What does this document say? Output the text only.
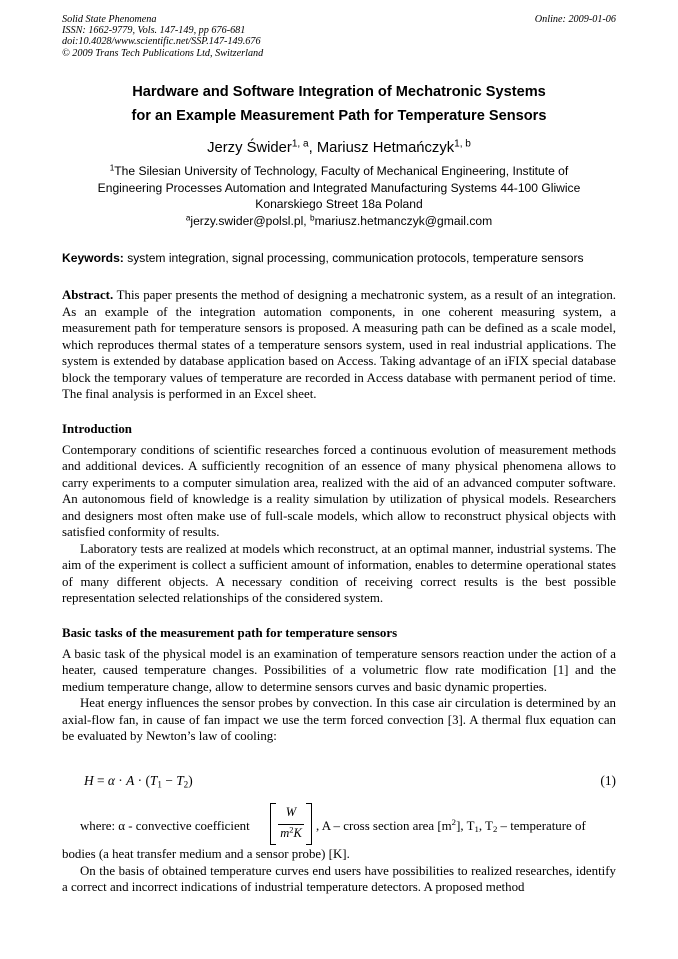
Solid State Phenomena
ISSN: 1662-9779, Vols. 147-149, pp 676-681
doi:10.4028/www.scientific.net/SSP.147-149.676
© 2009 Trans Tech Publications Ltd, Switzerland
Online: 2009-01-06
Hardware and Software Integration of Mechatronic Systems
for an Example Measurement Path for Temperature Sensors
Jerzy Świder$^{1, a}$, Mariusz Hetmańczyk$^{1, b}$
$^1$The Silesian University of Technology, Faculty of Mechanical Engineering, Institute of
Engineering Processes Automation and Integrated Manufacturing Systems 44-100 Gliwice
Konarskiego Street 18a Poland
$^a$jerzy.swider@polsl.pl, $^b$mariusz.hetmanczyk@gmail.com
Keywords: system integration, signal processing, communication protocols, temperature sensors

Abstract. This paper presents the method of designing a mechatronic system, as a result of an integration. As an example of the integration automation components, in one coherent measuring system, a measurement path for temperature sensors is proposed. A measuring path can be defined as a scale model, which reproduces thermal states of a temperature sensors system, used in real industrial applications. The system is extended by database application based on Access. Taking advantage of an iFIX special database block the temporary values of temperature are recorded in Access database with permanent period of time. The final analysis is performed in an Excel sheet.

Introduction

Contemporary conditions of scientific researches forced a continuous evolution of measurement methods and additional devices. A sufficiently recognition of an essence of many physical phenomena allows to carry experiments to a computer simulation area, realized with the aid of an advanced computer software. An autonomous field of knowledge is a reality simulation by utilization of physical models. Researchers and designers most often make use of full-scale models, which allow to reconstruct physical objects with satisfied conformity of results.

Laboratory tests are realized at models which reconstruct, at an optimal manner, industrial systems. The aim of the experiment is collect a sufficient amount of information, enables to determine operational states of many different objects. A necessary condition of receiving correct results is the best possible representation selected relationships of the considered system.

Basic tasks of the measurement path for temperature sensors

A basic task of the physical model is an examination of temperature sensors reaction under the action of a heater, caused temperature changes. Possibilities of a volumetric flow rate modification [1] and the medium temperature change, allow to determine sensors curves and basic dynamic properties.

Heat energy influences the sensor probes by convection. In this case air circulation is determined by an axial-flow fan, in cause of fan impact we use the term forced convection [3]. A thermal flux equation can be evaluated by Newton’s law of cooling:

$H = \alpha \cdot A \cdot (T_1 - T_2)$	(1)
where: α - convective coefficient
W
$m^2K$ , A – cross section area $[m^2]$, $T_1$, $T_2$ – temperature of

bodies (a heat transfer medium and a sensor probe) [K].

On the basis of obtained temperature curves end users have possibilities to realized researches, identify a correct and incorrect indications of industrial temperature detectors. A proposed method
